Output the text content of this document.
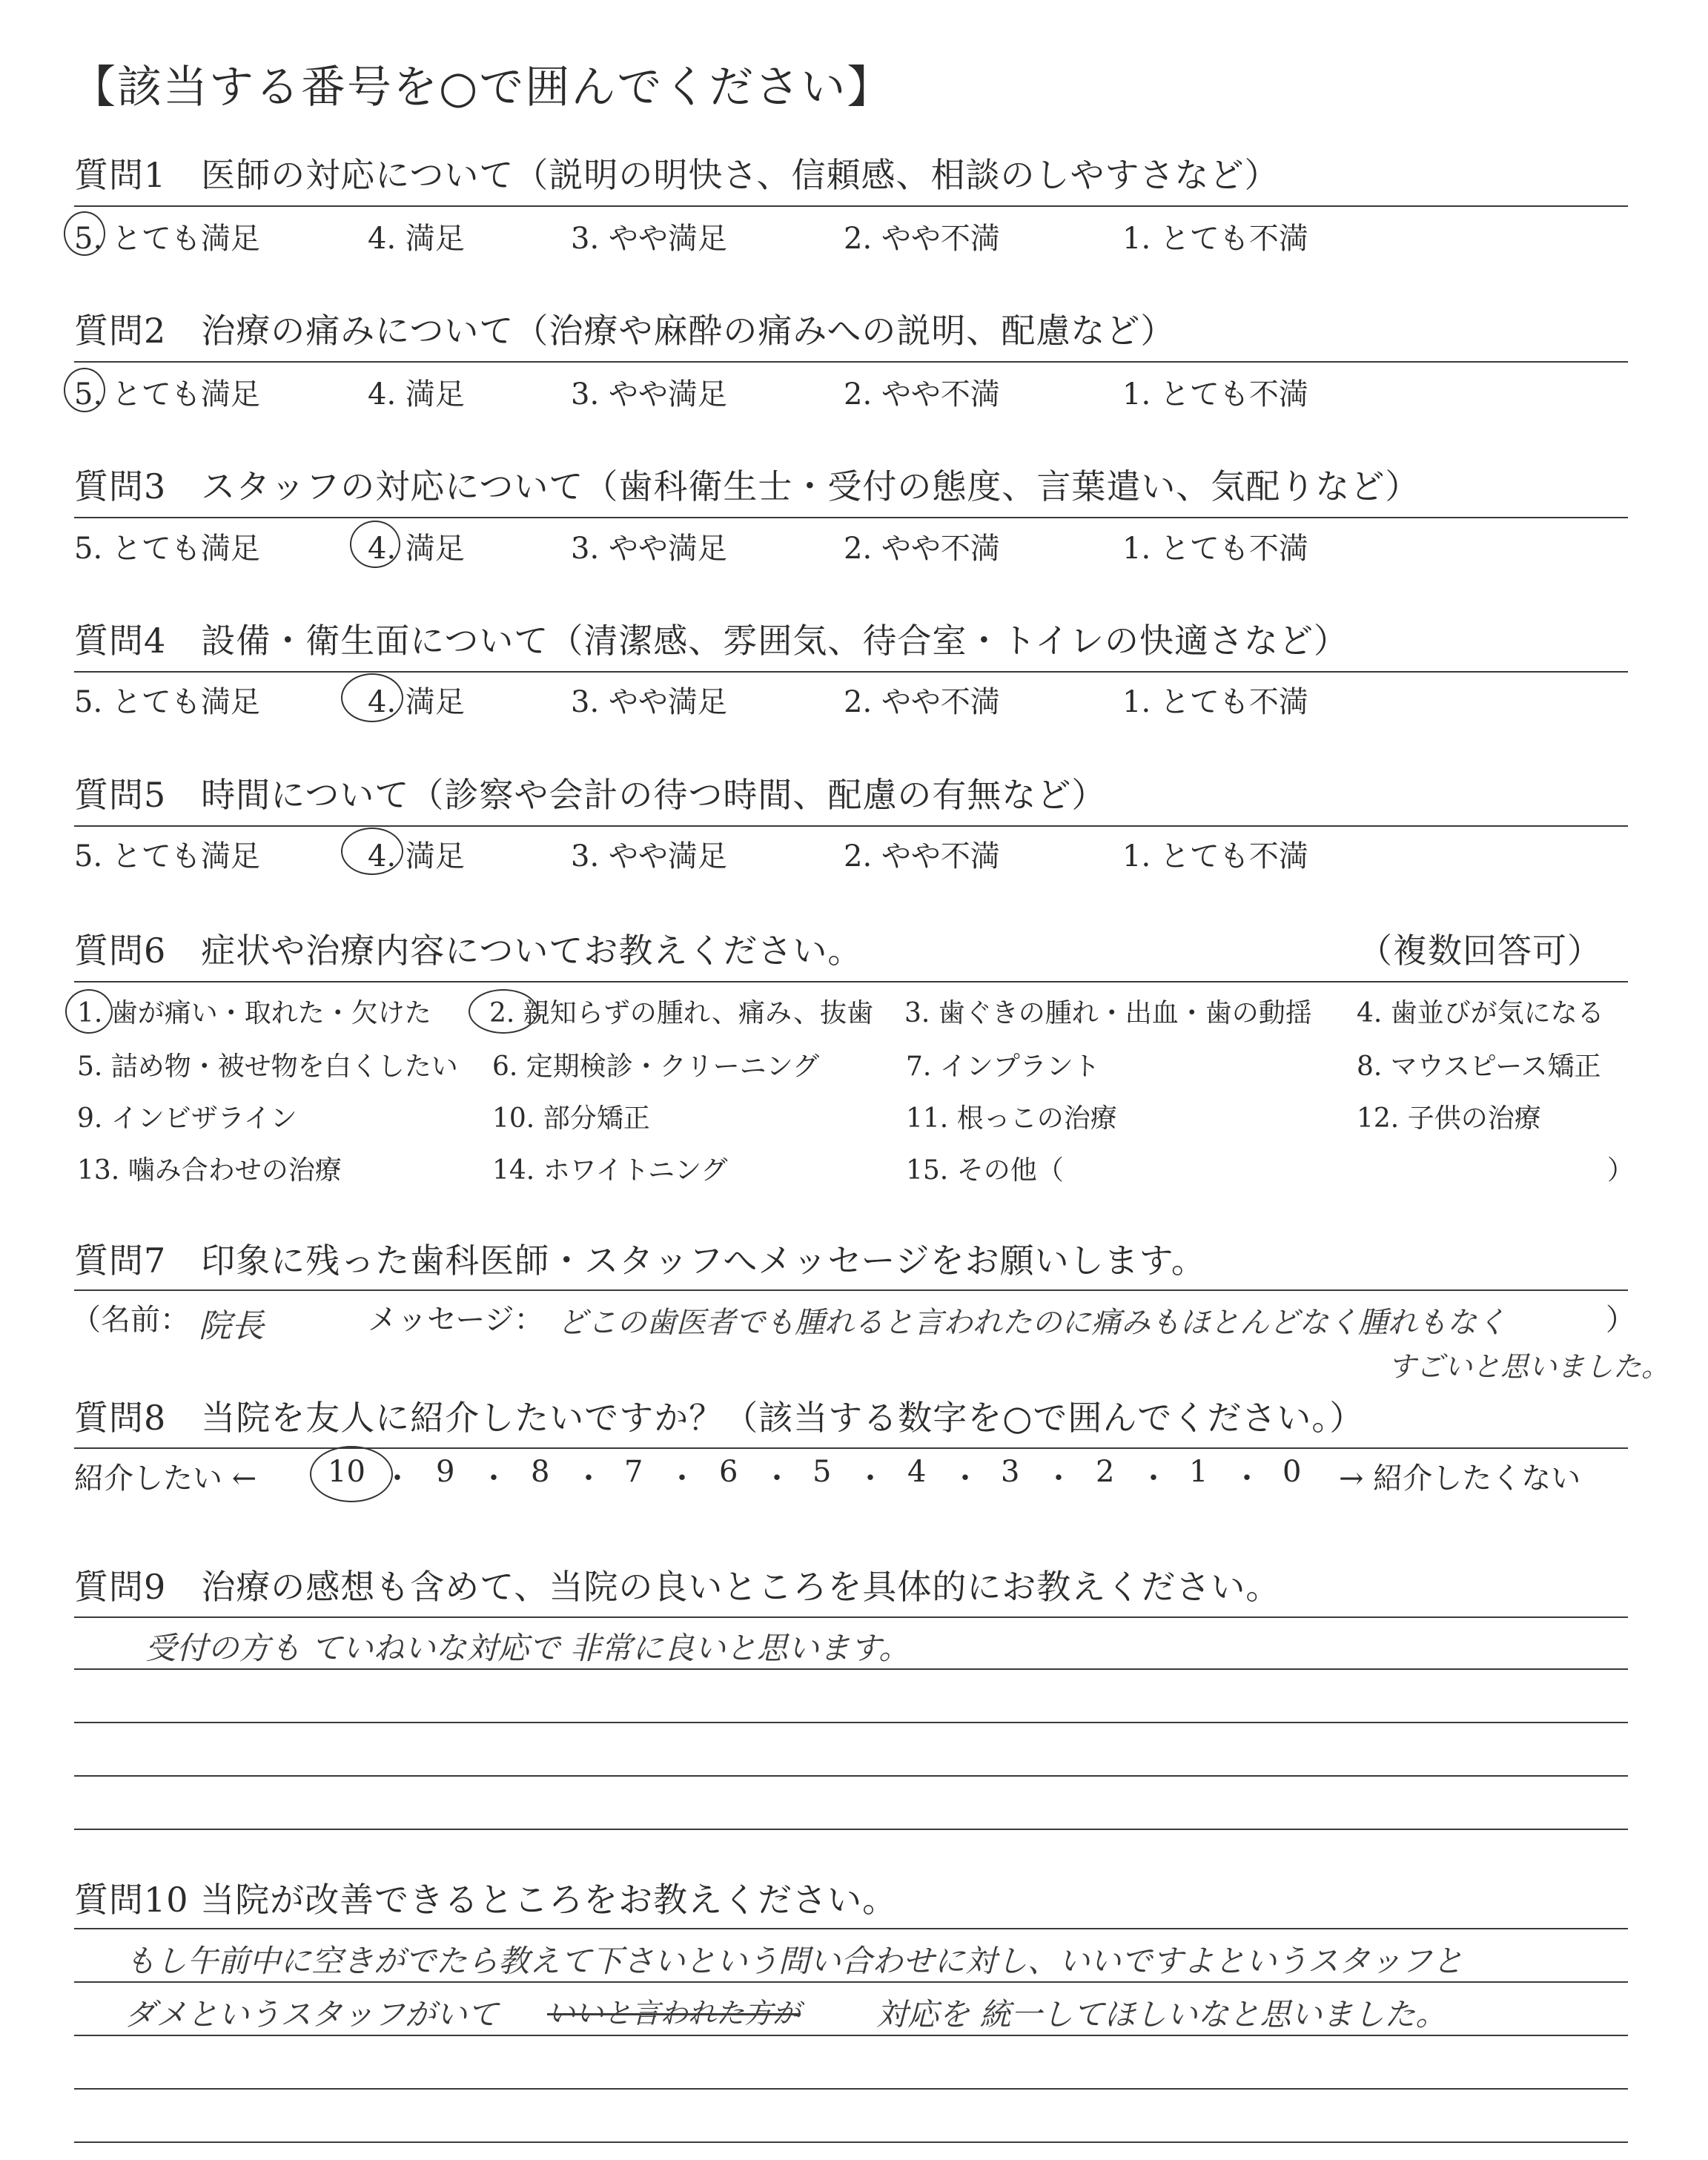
【該当する番号を○で囲んでください】
質問1　医師の対応について（説明の明快さ、信頼感、相談のしやすさなど）
5. とても満足	4. 満足	3. やや満足	2. やや不満	1. とても不満
質問2　治療の痛みについて（治療や麻酔の痛みへの説明、配慮など）
5. とても満足	4. 満足	3. やや満足	2. やや不満	1. とても不満
質問3　スタッフの対応について（歯科衛生士・受付の態度、言葉遣い、気配りなど）
5. とても満足	4. 満足	3. やや満足	2. やや不満	1. とても不満
質問4　設備・衛生面について（清潔感、雰囲気、待合室・トイレの快適さなど）
5. とても満足	4. 満足	3. やや満足	2. やや不満	1. とても不満
質問5　時間について（診察や会計の待つ時間、配慮の有無など）
5. とても満足	4. 満足	3. やや満足	2. やや不満	1. とても不満
質問6　症状や治療内容についてお教えください。	（複数回答可）
1. 歯が痛い・取れた・欠けた 2. 親知らずの腫れ、痛み、抜歯 3. 歯ぐきの腫れ・出血・歯の動揺 4. 歯並びが気になる
5. 詰め物・被せ物を白くしたい 6. 定期検診・クリーニング	7. インプラント	8. マウスピース矯正
9. インビザライン	10. 部分矯正	11. 根っこの治療	12. 子供の治療
13. 噛み合わせの治療	14. ホワイトニング	15. その他（	）
質問7　印象に残った歯科医師・スタッフへメッセージをお願いします。
（名前： 院長	メッセージ： どこの歯医者でも腫れると言われたのに痛みもほとんどなく腫れもなく	）
すごいと思いました。
質問8　当院を友人に紹介したいですか？（該当する数字を○で囲んでください。）
紹介したい ← 10 ・ 9 ・ 8 ・ 7 ・ 6 ・ 5 ・ 4 ・ 3 ・ 2 ・ 1 ・ 0 → 紹介したくない
質問9　治療の感想も含めて、当院の良いところを具体的にお教えください。
受付の方も ていねいな対応で 非常に良いと思います。
質問10 当院が改善できるところをお教えください。
もし午前中に空きがでたら教えて下さいという問い合わせに対し、いいですよというスタッフと
ダメというスタッフがいて いいと言われた方が 対応を 統一してほしいなと思いました。
